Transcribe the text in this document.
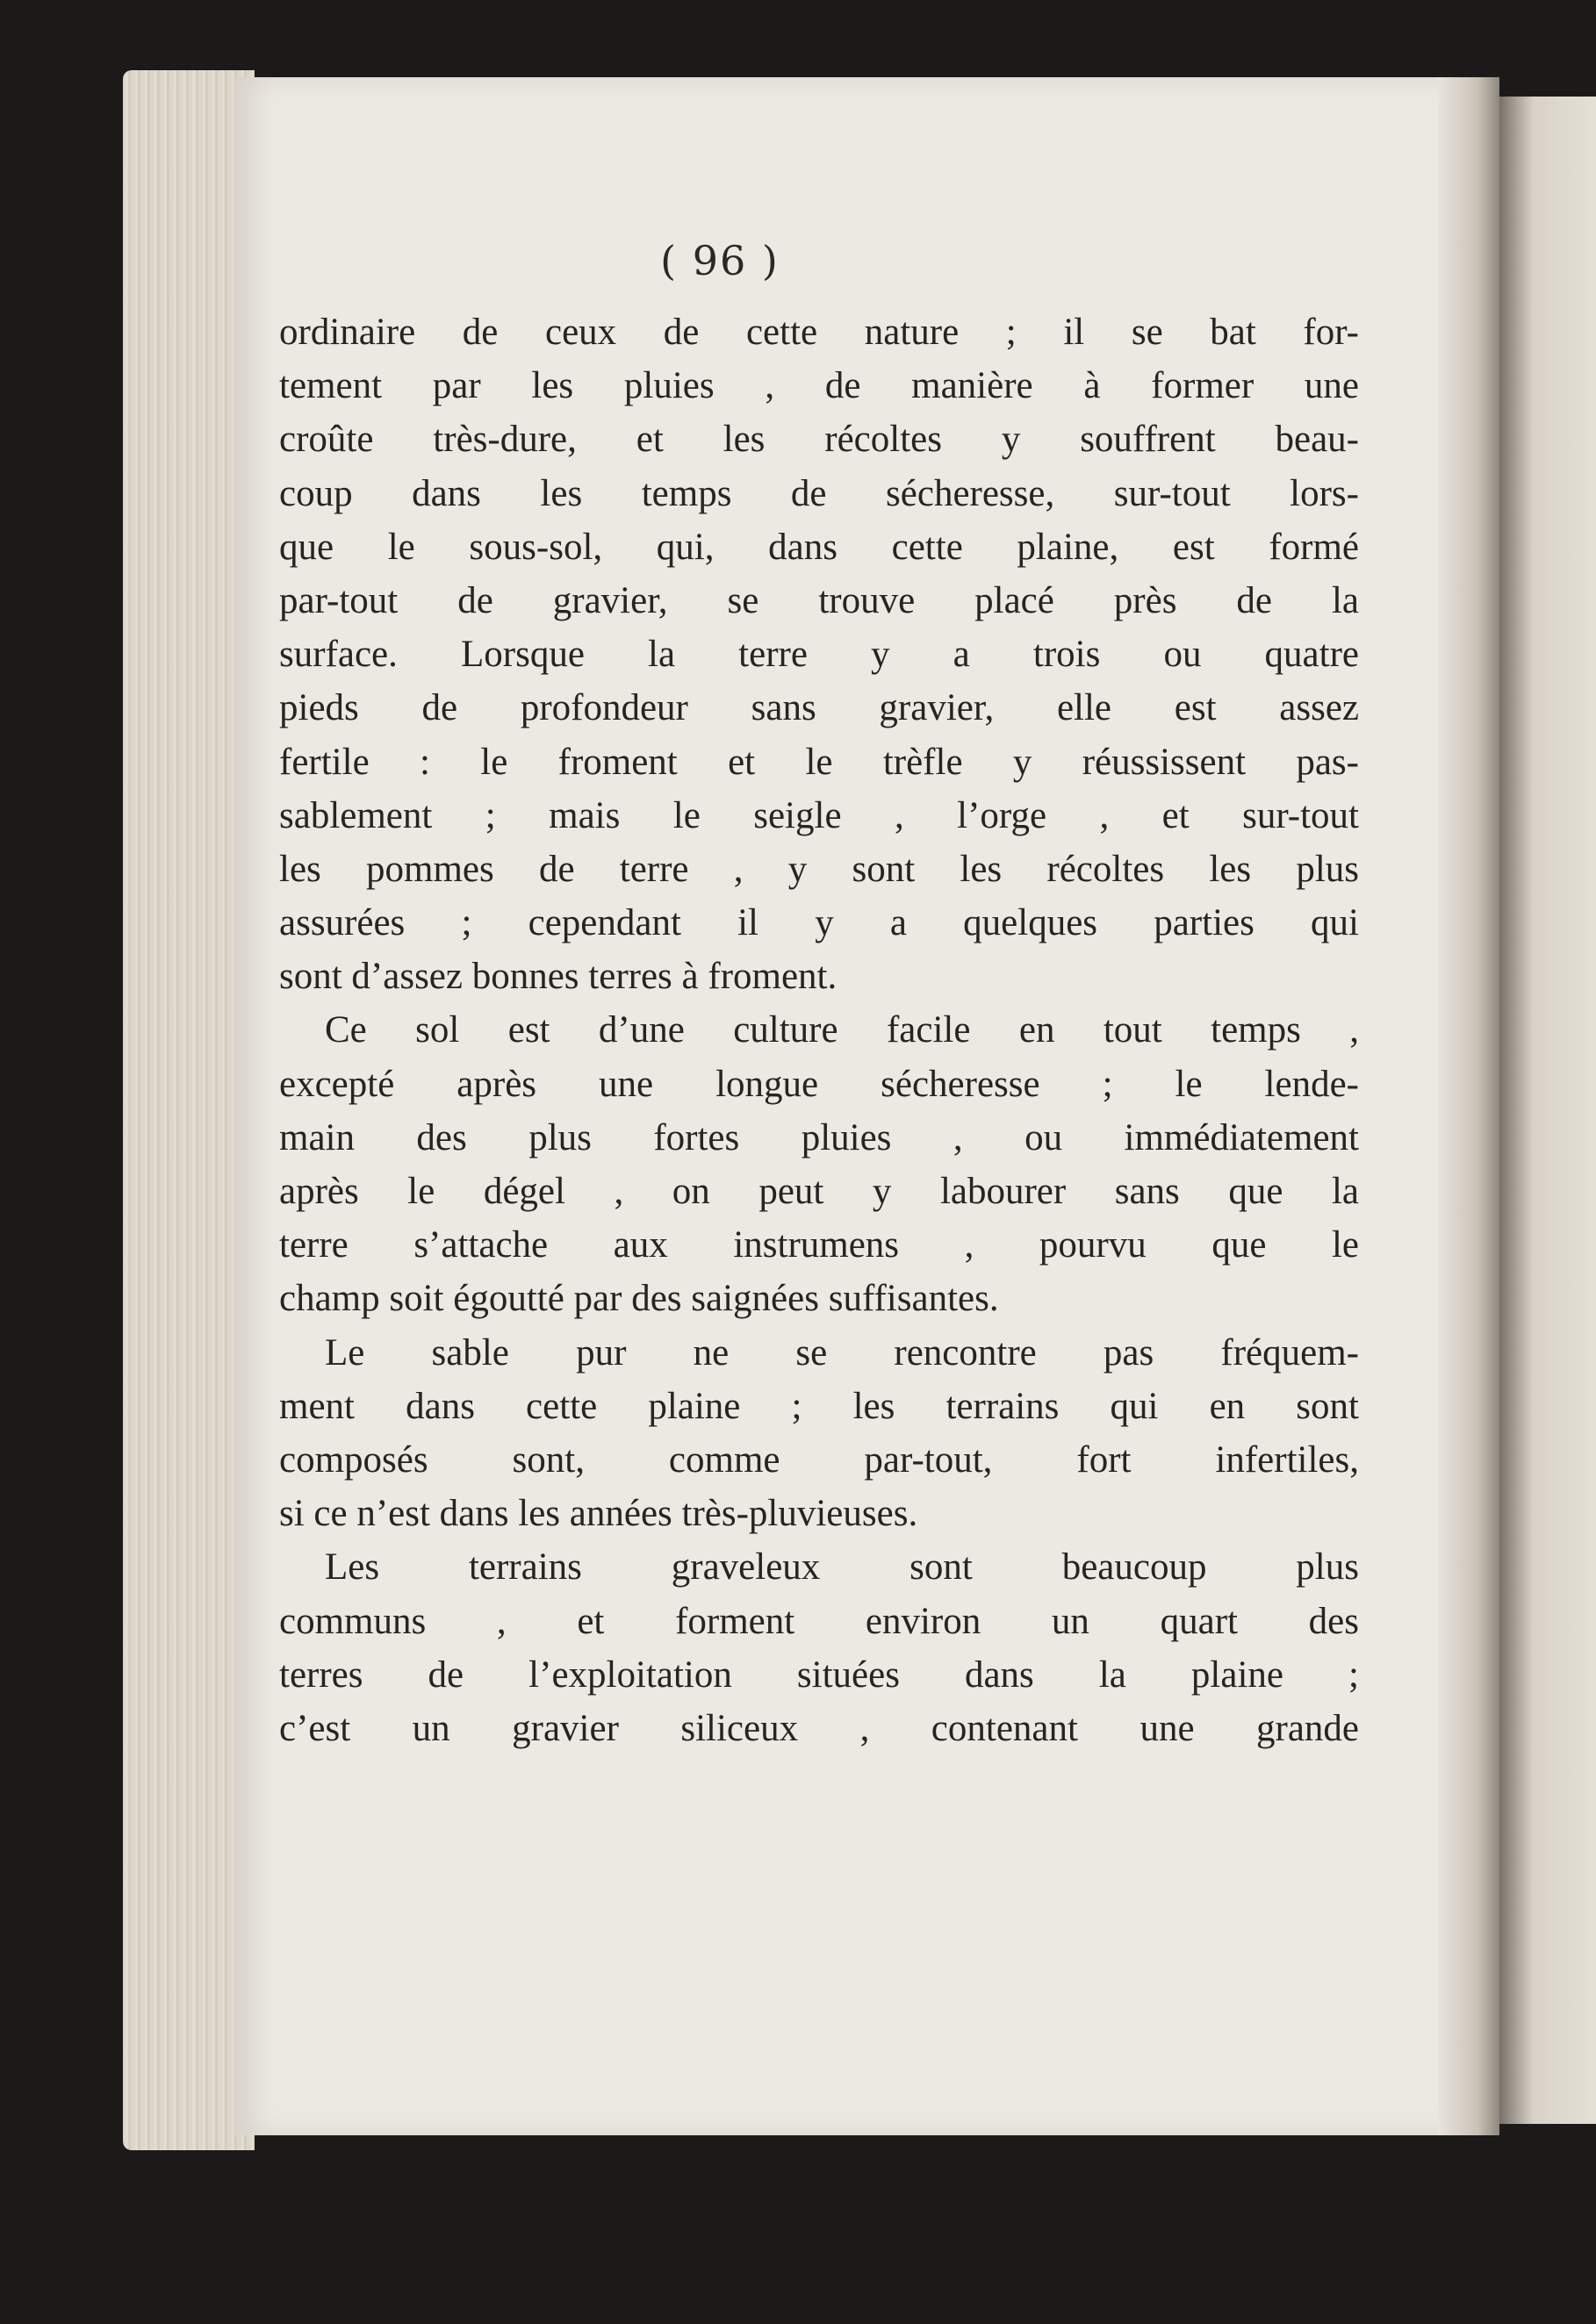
( 96 )
ordinaire de ceux de cette nature ; il se bat for-
tement par les pluies , de manière à former une
croûte très-dure, et les récoltes y souffrent beau-
coup dans les temps de sécheresse, sur-tout lors-
que le sous-sol, qui, dans cette plaine, est formé
par-tout de gravier, se trouve placé près de la
surface. Lorsque la terre y a trois ou quatre
pieds de profondeur sans gravier, elle est assez
fertile : le froment et le trèfle y réussissent pas-
sablement ; mais le seigle , l’orge , et sur-tout
les pommes de terre , y sont les récoltes les plus
assurées ; cependant il y a quelques parties qui
sont d’assez bonnes terres à froment.
Ce sol est d’une culture facile en tout temps ,
excepté après une longue sécheresse ; le lende-
main des plus fortes pluies , ou immédiatement
après le dégel , on peut y labourer sans que la
terre s’attache aux instrumens , pourvu que le
champ soit égoutté par des saignées suffisantes.
Le sable pur ne se rencontre pas fréquem-
ment dans cette plaine ; les terrains qui en sont
composés sont, comme par-tout, fort infertiles,
si ce n’est dans les années très-pluvieuses.
Les terrains graveleux sont beaucoup plus
communs , et forment environ un quart des
terres de l’exploitation situées dans la plaine ;
c’est un gravier siliceux , contenant une grande
